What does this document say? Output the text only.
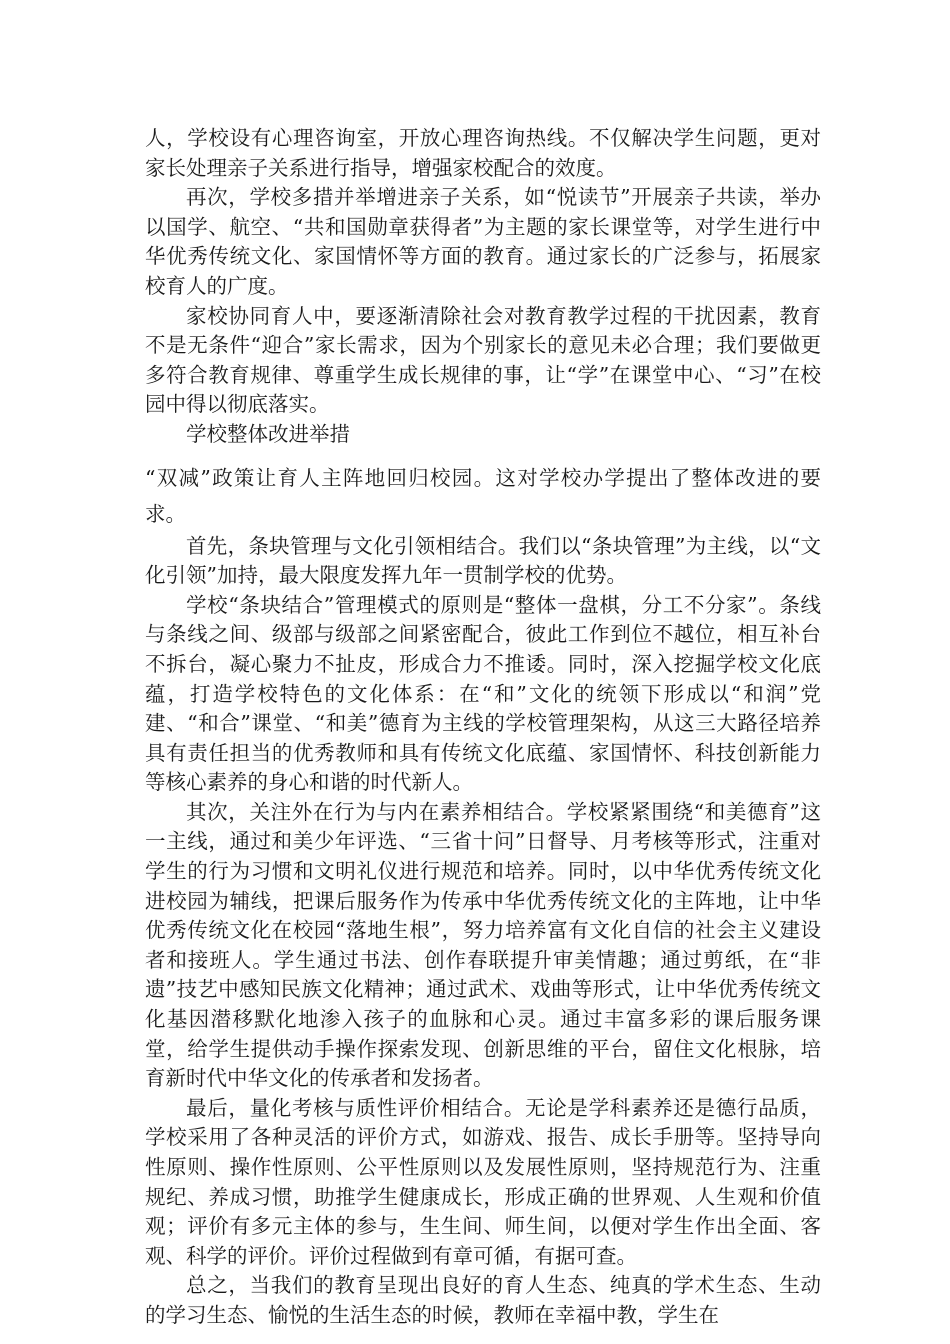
人，学校设有心理咨询室，开放心理咨询热线。不仅解决学生问题，更对家长处理亲子关系进行指导，增强家校配合的效度。

再次，学校多措并举增进亲子关系，如“悦读节”开展亲子共读，举办以国学、航空、“共和国勋章获得者”为主题的家长课堂等，对学生进行中华优秀传统文化、家国情怀等方面的教育。通过家长的广泛参与，拓展家校育人的广度。

家校协同育人中，要逐渐清除社会对教育教学过程的干扰因素，教育不是无条件“迎合”家长需求，因为个别家长的意见未必合理；我们要做更多符合教育规律、尊重学生成长规律的事，让“学”在课堂中心、“习”在校园中得以彻底落实。

学校整体改进举措

“双减”政策让育人主阵地回归校园。这对学校办学提出了整体改进的要求。

首先，条块管理与文化引领相结合。我们以“条块管理”为主线，以“文化引领”加持，最大限度发挥九年一贯制学校的优势。

学校“条块结合”管理模式的原则是“整体一盘棋，分工不分家”。条线与条线之间、级部与级部之间紧密配合，彼此工作到位不越位，相互补台不拆台，凝心聚力不扯皮，形成合力不推诿。同时，深入挖掘学校文化底蕴，打造学校特色的文化体系：在“和”文化的统领下形成以“和润”党建、“和合”课堂、“和美”德育为主线的学校管理架构，从这三大路径培养具有责任担当的优秀教师和具有传统文化底蕴、家国情怀、科技创新能力等核心素养的身心和谐的时代新人。

其次，关注外在行为与内在素养相结合。学校紧紧围绕“和美德育”这一主线，通过和美少年评选、“三省十问”日督导、月考核等形式，注重对学生的行为习惯和文明礼仪进行规范和培养。同时，以中华优秀传统文化进校园为辅线，把课后服务作为传承中华优秀传统文化的主阵地，让中华优秀传统文化在校园“落地生根”，努力培养富有文化自信的社会主义建设者和接班人。学生通过书法、创作春联提升审美情趣；通过剪纸，在“非遗”技艺中感知民族文化精神；通过武术、戏曲等形式，让中华优秀传统文化基因潜移默化地渗入孩子的血脉和心灵。通过丰富多彩的课后服务课堂，给学生提供动手操作探索发现、创新思维的平台，留住文化根脉，培育新时代中华文化的传承者和发扬者。

最后，量化考核与质性评价相结合。无论是学科素养还是德行品质，学校采用了各种灵活的评价方式，如游戏、报告、成长手册等。坚持导向性原则、操作性原则、公平性原则以及发展性原则，坚持规范行为、注重规纪、养成习惯，助推学生健康成长，形成正确的世界观、人生观和价值观；评价有多元主体的参与，生生间、师生间，以便对学生作出全面、客观、科学的评价。评价过程做到有章可循，有据可查。

总之，当我们的教育呈现出良好的育人生态、纯真的学术生态、生动的学习生态、愉悦的生活生态的时候，教师在幸福中教，学生在
